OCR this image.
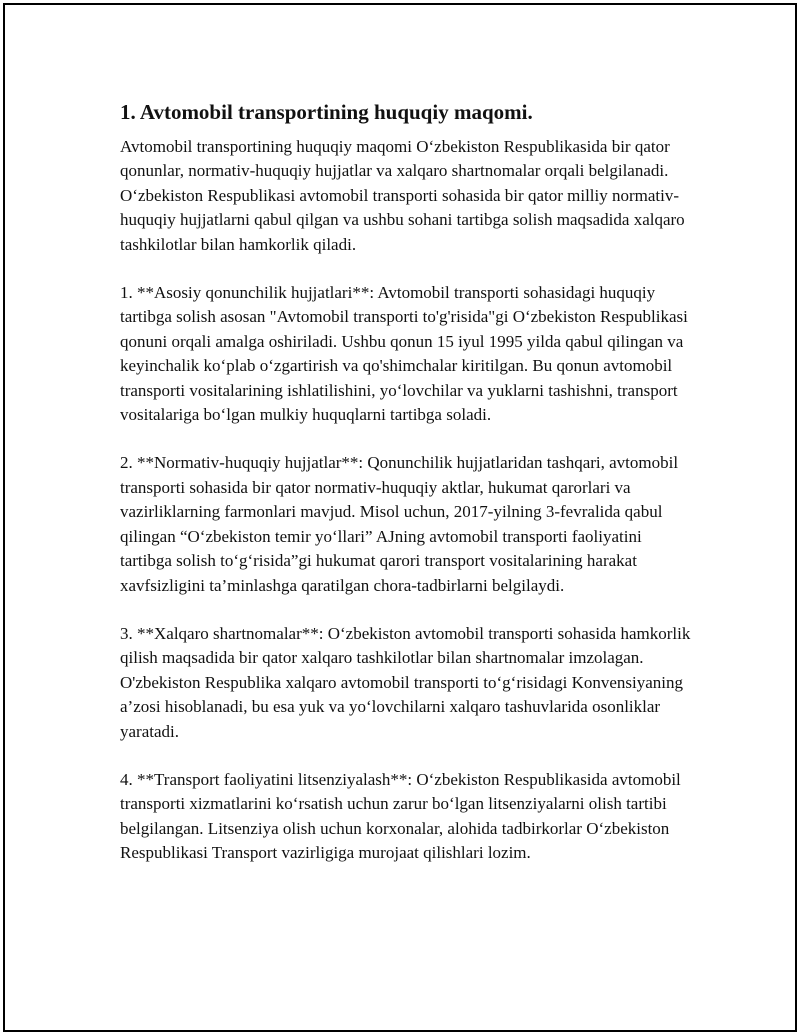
1. Avtomobil transportining huquqiy maqomi.

Avtomobil transportining huquqiy maqomi O‘zbekiston Respublikasida bir qator qonunlar, normativ-huquqiy hujjatlar va xalqaro shartnomalar orqali belgilanadi. O‘zbekiston Respublikasi avtomobil transporti sohasida bir qator milliy normativ-huquqiy hujjatlarni qabul qilgan va ushbu sohani tartibga solish maqsadida xalqaro tashkilotlar bilan hamkorlik qiladi.

1. **Asosiy qonunchilik hujjatlari**: Avtomobil transporti sohasidagi huquqiy tartibga solish asosan "Avtomobil transporti to'g'risida"gi O‘zbekiston Respublikasi qonuni orqali amalga oshiriladi. Ushbu qonun 15 iyul 1995 yilda qabul qilingan va keyinchalik ko‘plab o‘zgartirish va qo'shimchalar kiritilgan. Bu qonun avtomobil transporti vositalarining ishlatilishini, yo‘lovchilar va yuklarni tashishni, transport vositalariga bo‘lgan mulkiy huquqlarni tartibga soladi.

2. **Normativ-huquqiy hujjatlar**: Qonunchilik hujjatlaridan tashqari, avtomobil transporti sohasida bir qator normativ-huquqiy aktlar, hukumat qarorlari va vazirliklarning farmonlari mavjud. Misol uchun, 2017-yilning 3-fevralida qabul qilingan “O‘zbekiston temir yo‘llari” AJning avtomobil transporti faoliyatini tartibga solish to‘g‘risida”gi hukumat qarori transport vositalarining harakat xavfsizligini ta’minlashga qaratilgan chora-tadbirlarni belgilaydi.

3. **Xalqaro shartnomalar**: O‘zbekiston avtomobil transporti sohasida hamkorlik qilish maqsadida bir qator xalqaro tashkilotlar bilan shartnomalar imzolagan. O'zbekiston Respublika xalqaro avtomobil transporti to‘g‘risidagi Konvensiyaning a’zosi hisoblanadi, bu esa yuk va yo‘lovchilarni xalqaro tashuvlarida osonliklar yaratadi.

4. **Transport faoliyatini litsenziyalash**: O‘zbekiston Respublikasida avtomobil transporti xizmatlarini ko‘rsatish uchun zarur bo‘lgan litsenziyalarni olish tartibi belgilangan. Litsenziya olish uchun korxonalar, alohida tadbirkorlar O‘zbekiston Respublikasi Transport vazirligiga murojaat qilishlari lozim.
